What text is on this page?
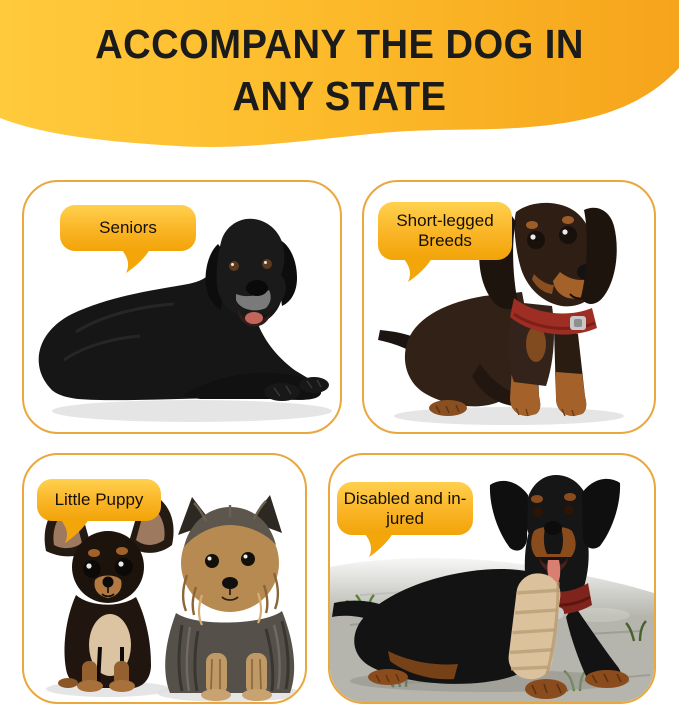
ACCOMPANY THE DOG IN
ANY STATE
Seniors	Short-legged
Breeds
Little Puppy	Disabled and in-
jured
